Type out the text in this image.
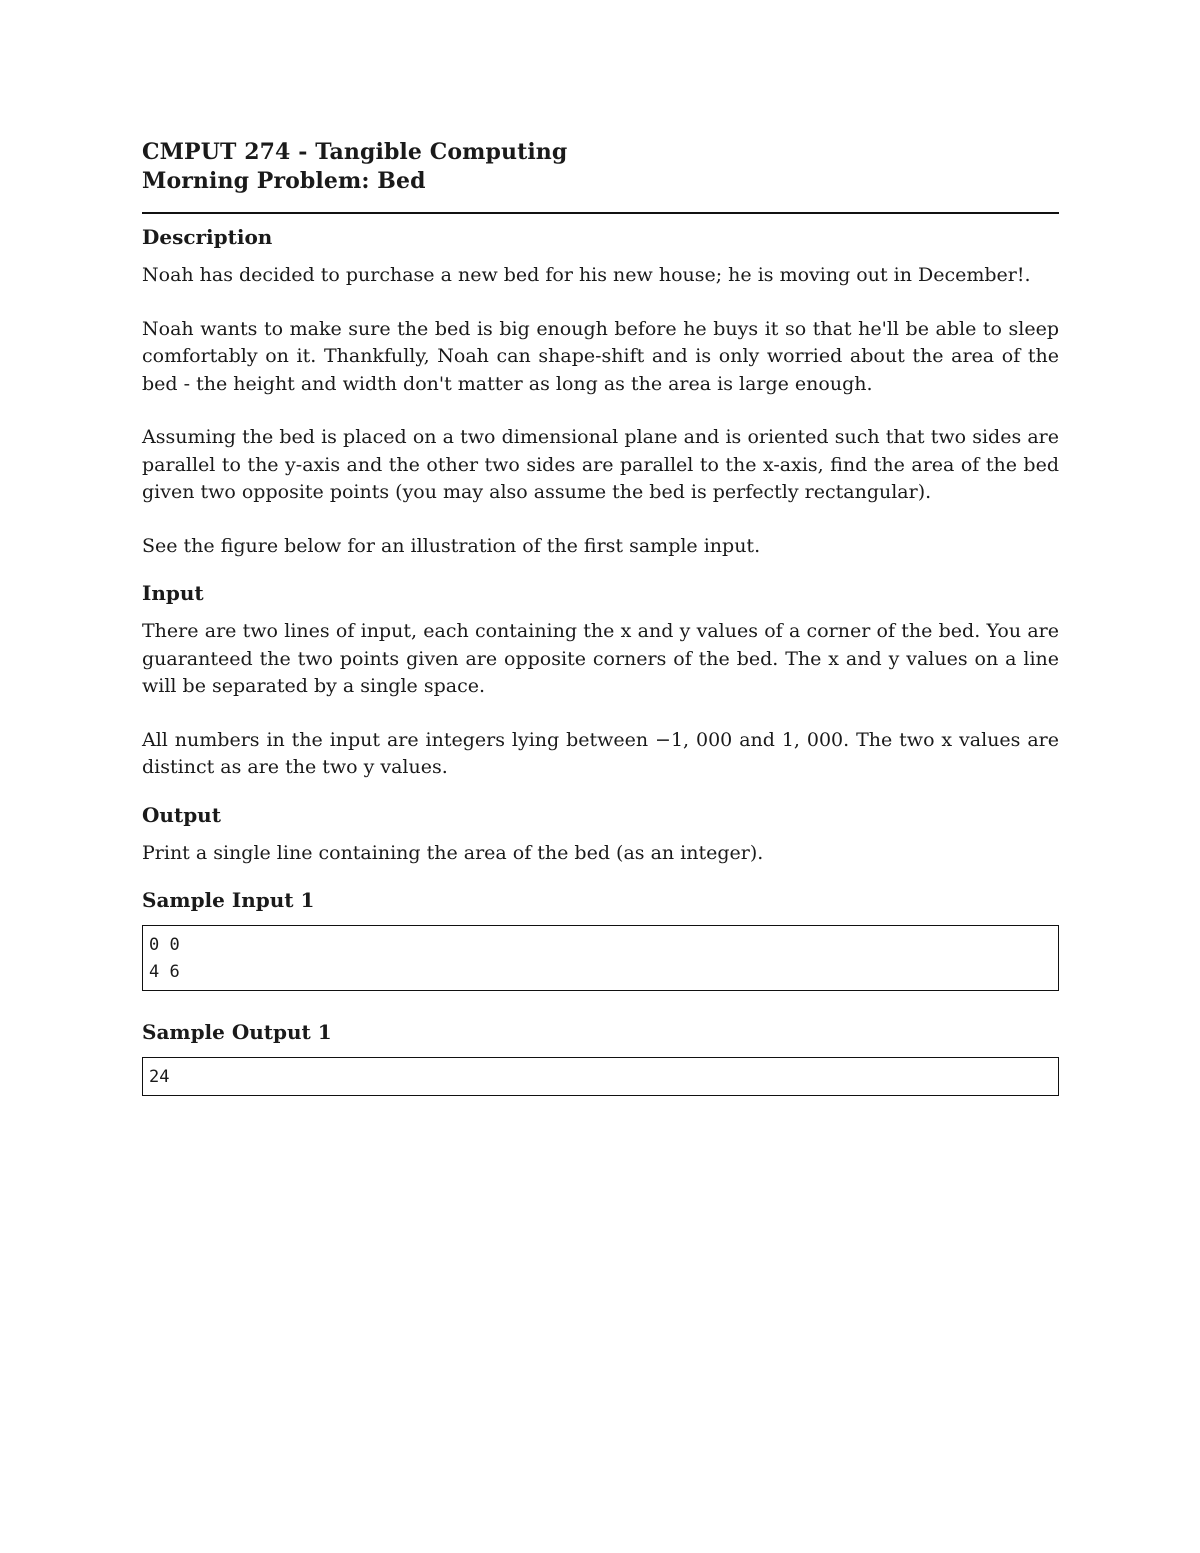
CMPUT 274 - Tangible Computing

Morning Problem: Bed

Description

Noah has decided to purchase a new bed for his new house; he is moving out in December!.

Noah wants to make sure the bed is big enough before he buys it so that he'll be able to sleep comfortably on it. Thankfully, Noah can shape-shift and is only worried about the area of the bed - the height and width don't matter as long as the area is large enough.

Assuming the bed is placed on a two dimensional plane and is oriented such that two sides are parallel to the y-axis and the other two sides are parallel to the x-axis, find the area of the bed given two opposite points (you may also assume the bed is perfectly rectangular).

See the figure below for an illustration of the first sample input.

Input

There are two lines of input, each containing the x and y values of a corner of the bed. You are guaranteed the two points given are opposite corners of the bed. The x and y values on a line will be separated by a single space.

All numbers in the input are integers lying between −1, 000 and 1, 000. The two x values are distinct as are the two y values.

Output

Print a single line containing the area of the bed (as an integer).

Sample Input 1
0 0
4 6
Sample Output 1
24
